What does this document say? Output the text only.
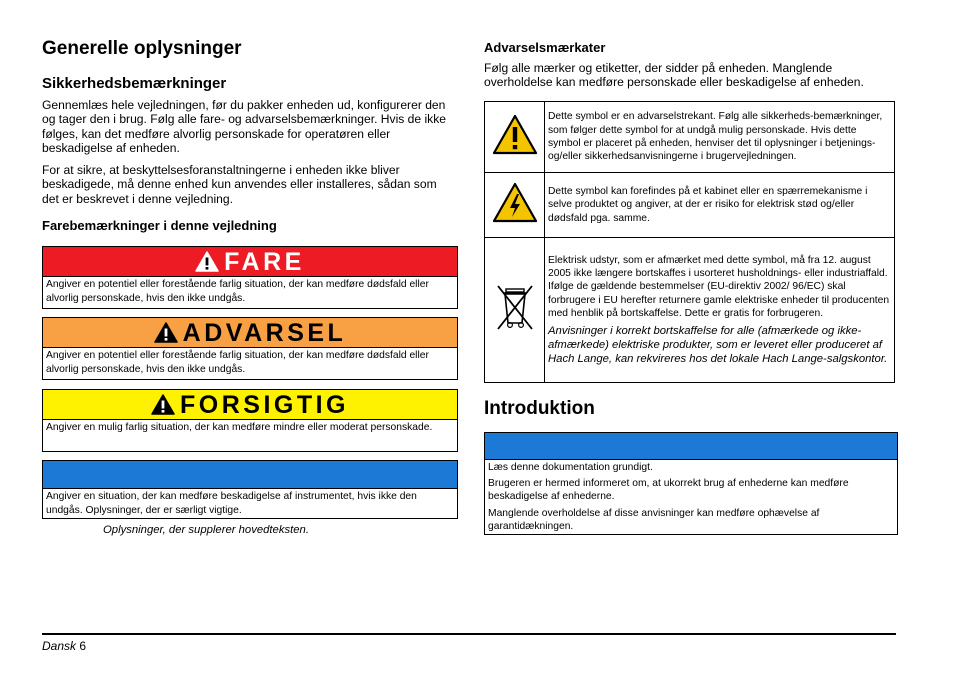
Generelle oplysninger
Sikkerhedsbemærkninger

Gennemlæs hele vejledningen, før du pakker enheden ud, konfigurerer den og tager den i brug. Følg alle fare- og advarselsbemærkninger. Hvis de ikke følges, kan det medføre alvorlig personskade for operatøren eller beskadigelse af enheden.

For at sikre, at beskyttelsesforanstaltningerne i enheden ikke bliver beskadigede, må denne enhed kun anvendes eller installeres, sådan som det er beskrevet i denne vejledning.

Farebemærkninger i denne vejledning
FARE
Angiver en potentiel eller forestående farlig situation, der kan medføre dødsfald eller alvorlig personskade, hvis den ikke undgås.
ADVARSEL
Angiver en potentiel eller forestående farlig situation, der kan medføre dødsfald eller alvorlig personskade, hvis den ikke undgås.
FORSIGTIG
Angiver en mulig farlig situation, der kan medføre mindre eller moderat personskade.
Angiver en situation, der kan medføre beskadigelse af instrumentet, hvis ikke den undgås. Oplysninger, der er særligt vigtige.
Oplysninger, der supplerer hovedteksten.
Advarselsmærkater

Følg alle mærker og etiketter, der sidder på enheden. Manglende overholdelse kan medføre personskade eller beskadigelse af enheden.

	Dette symbol er en advarselstrekant. Følg alle sikkerheds-bemærkninger, som følger dette symbol for at undgå mulig personskade. Hvis dette symbol er placeret på enheden, henviser det til oplysninger i betjenings- og/eller sikkerhedsanvisningerne i brugervejledningen.
	Dette symbol kan forefindes på et kabinet eller en spærremekanisme i selve produktet og angiver, at der er risiko for elektrisk stød og/eller dødsfald pga. samme.

Elektrisk udstyr, som er afmærket med dette symbol, må fra 12. august 2005 ikke længere bortskaffes i usorteret husholdnings- eller industriaffald. Ifølge de gældende bestemmelser (EU-direktiv 2002/ 96/EC) skal forbrugere i EU herefter returnere gamle elektriske enheder til producenten med henblik på bortskaffelse. Dette er gratis for forbrugeren.
Anvisninger i korrekt bortskaffelse for alle (afmærkede og ikke-afmærkede) elektriske produkter, som er leveret eller produceret af Hach Lange, kan rekvireres hos det lokale Hach Lange-salgskontor.
Introduktion
Læs denne dokumentation grundigt.
Brugeren er hermed informeret om, at ukorrekt brug af enhederne kan medføre beskadigelse af enhederne.
Manglende overholdelse af disse anvisninger kan medføre ophævelse af garantidækningen.
Dansk 6
